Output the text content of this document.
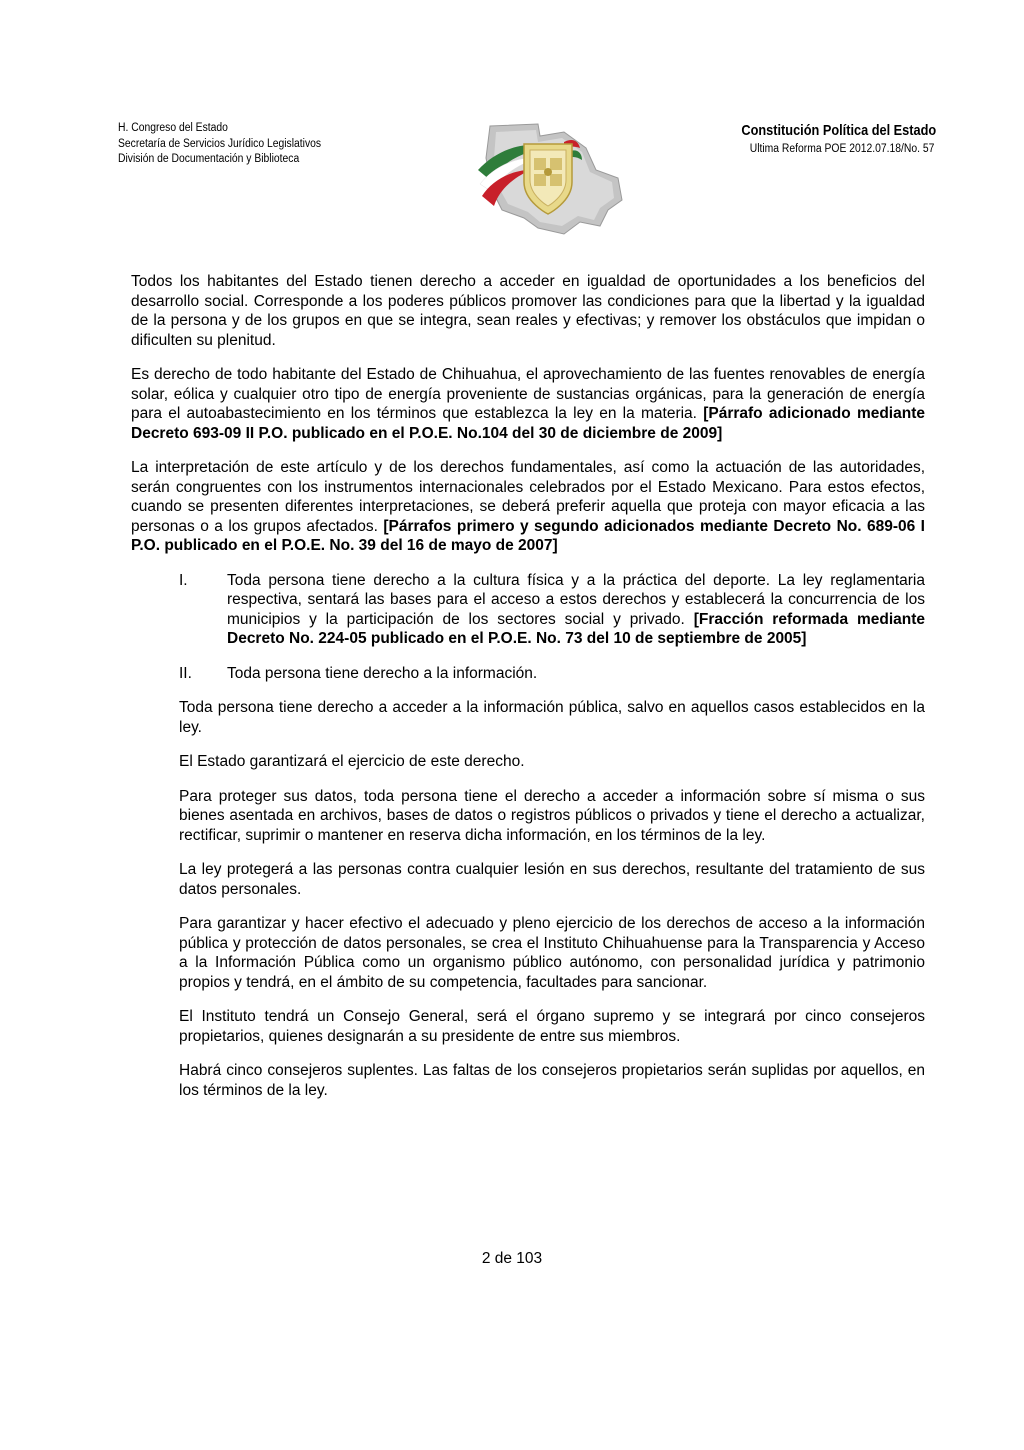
H. Congreso del Estado
Secretaría de Servicios Jurídico Legislativos
División de Documentación y Biblioteca
Constitución Política del Estado
Ultima Reforma POE 2012.07.18/No. 57

Todos los habitantes del Estado tienen derecho a acceder en igualdad de oportunidades a los beneficios del desarrollo social. Corresponde a los poderes públicos promover las condiciones para que la libertad y la igualdad de la persona y de los grupos en que se integra, sean reales y efectivas; y remover los obstáculos que impidan o dificulten su plenitud.

Es derecho de todo habitante del Estado de Chihuahua, el aprovechamiento de las fuentes renovables de energía solar, eólica y cualquier otro tipo de energía proveniente de sustancias orgánicas, para la generación de energía para el autoabastecimiento en los términos que establezca la ley en la materia. [Párrafo adicionado mediante Decreto 693-09 II P.O. publicado en el P.O.E. No.104 del 30 de diciembre de 2009]

La interpretación de este artículo y de los derechos fundamentales, así como la actuación de las autoridades, serán congruentes con los instrumentos internacionales celebrados por el Estado Mexicano. Para estos efectos, cuando se presenten diferentes interpretaciones, se deberá preferir aquella que proteja con mayor eficacia a las personas o a los grupos afectados. [Párrafos primero y segundo adicionados mediante Decreto No. 689-06 I P.O. publicado en el P.O.E. No. 39 del 16 de mayo de 2007]

I.	Toda persona tiene derecho a la cultura física y a la práctica del deporte. La ley reglamentaria respectiva, sentará las bases para el acceso a estos derechos y establecerá la concurrencia de los municipios y la participación de los sectores social y privado. [Fracción reformada mediante Decreto No. 224-05 publicado en el P.O.E. No. 73 del 10 de septiembre de 2005]
II. Toda persona tiene derecho a la información.

Toda persona tiene derecho a acceder a la información pública, salvo en aquellos casos establecidos en la ley.

El Estado garantizará el ejercicio de este derecho.

Para proteger sus datos, toda persona tiene el derecho a acceder a información sobre sí misma o sus bienes asentada en archivos, bases de datos o registros públicos o privados y tiene el derecho a actualizar, rectificar, suprimir o mantener en reserva dicha información, en los términos de la ley.

La ley protegerá a las personas contra cualquier lesión en sus derechos, resultante del tratamiento de sus datos personales.

Para garantizar y hacer efectivo el adecuado y pleno ejercicio de los derechos de acceso a la información pública y protección de datos personales, se crea el Instituto Chihuahuense para la Transparencia y Acceso a la Información Pública como un organismo público autónomo, con personalidad jurídica y patrimonio propios y tendrá, en el ámbito de su competencia, facultades para sancionar.

El Instituto tendrá un Consejo General, será el órgano supremo y se integrará por cinco consejeros propietarios, quienes designarán a su presidente de entre sus miembros.

Habrá cinco consejeros suplentes. Las faltas de los consejeros propietarios serán suplidas por aquellos, en los términos de la ley.

2 de 103
